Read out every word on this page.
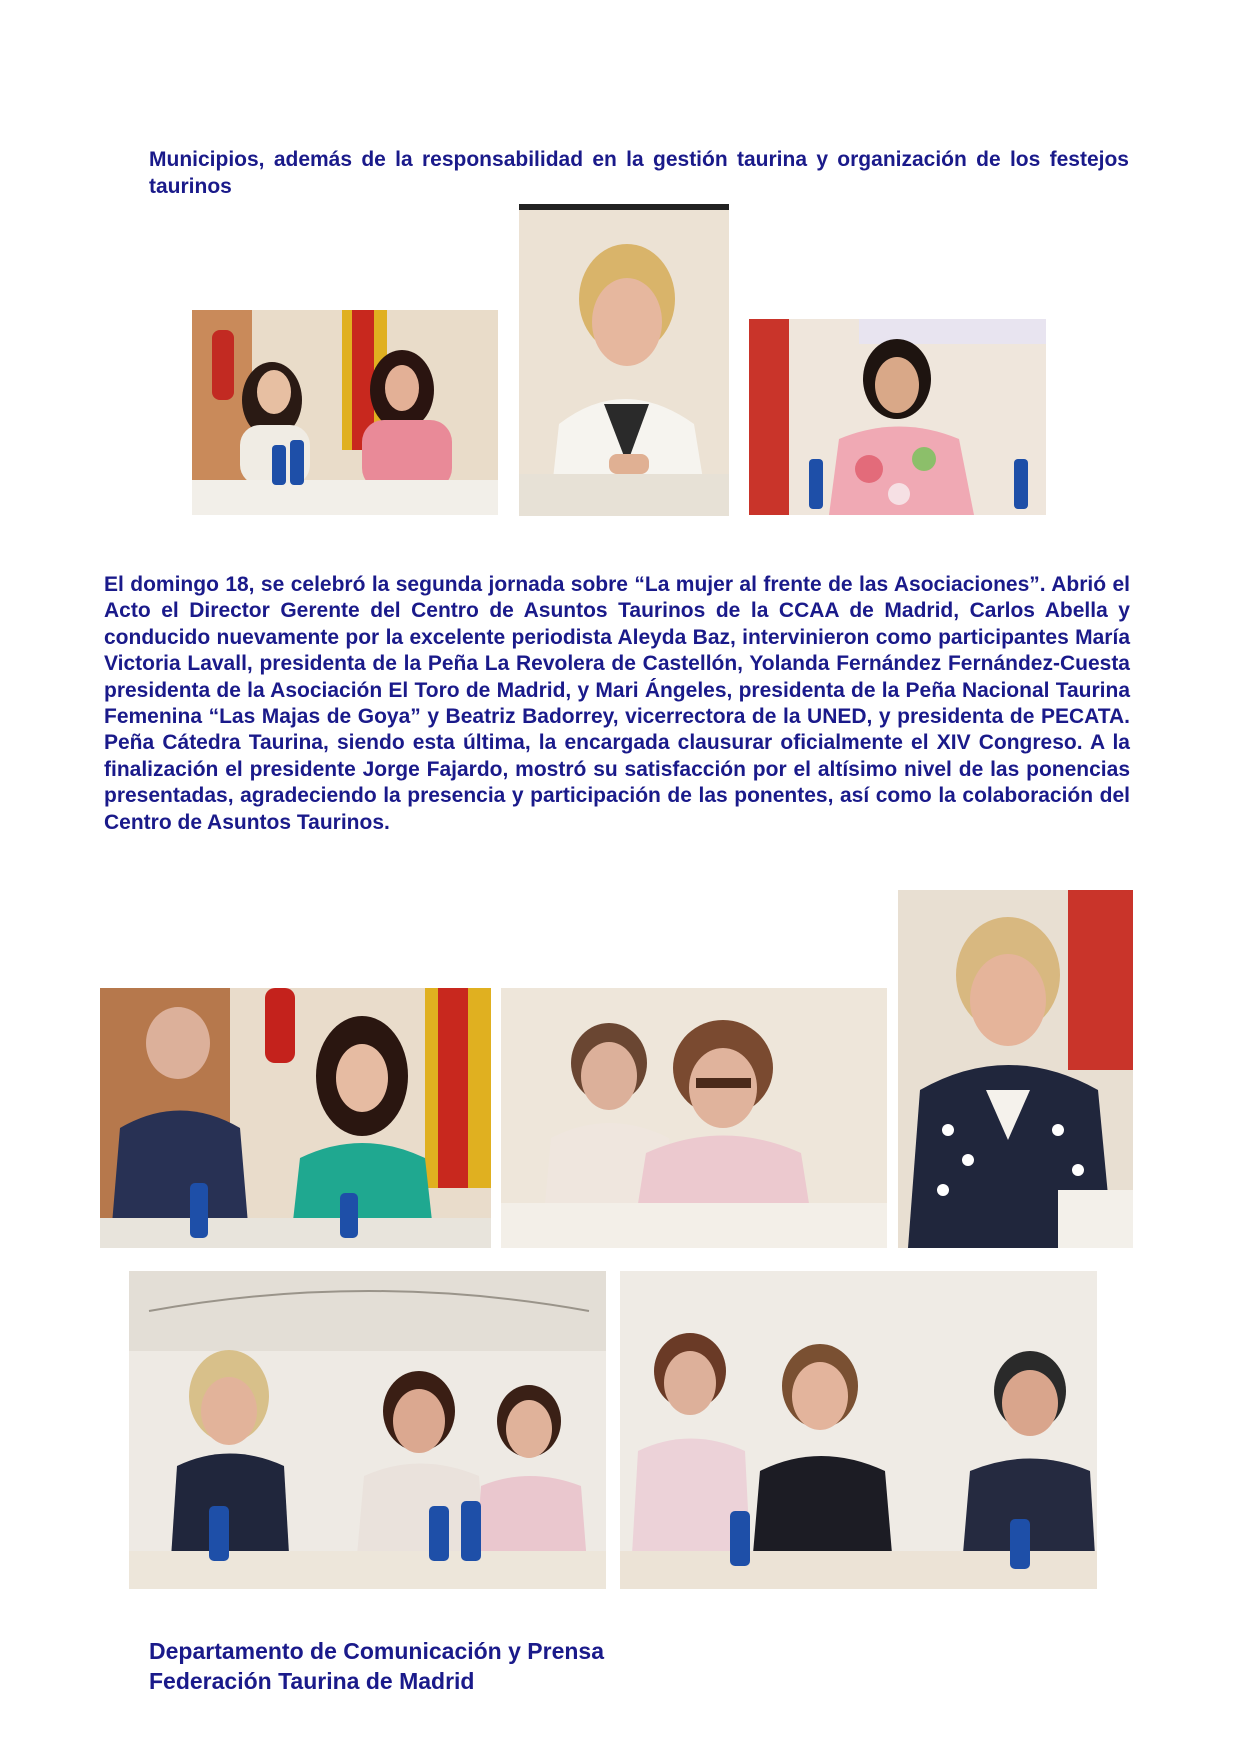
Municipios, además de la responsabilidad en la gestión taurina y organización de los festejos taurinos

El domingo 18, se celebró la segunda jornada sobre “La mujer al frente de las Asociaciones”. Abrió el Acto el Director Gerente del Centro de Asuntos Taurinos de la CCAA de Madrid, Carlos Abella y conducido nuevamente por la excelente periodista Aleyda Baz, intervinieron como participantes María Victoria Lavall, presidenta de la Peña La Revolera de Castellón, Yolanda Fernández Fernández-Cuesta presidenta de la Asociación El Toro de Madrid, y Mari Ángeles, presidenta de la Peña Nacional Taurina Femenina “Las Majas de Goya” y Beatriz Badorrey, vicerrectora de la UNED, y presidenta de PECATA. Peña Cátedra Taurina, siendo esta última, la encargada clausurar oficialmente el XIV Congreso. A la finalización el presidente Jorge Fajardo, mostró su satisfacción por el altísimo nivel de las ponencias presentadas, agradeciendo la presencia y participación de las ponentes, así como la colaboración del Centro de Asuntos Taurinos.

Departamento de Comunicación y Prensa
Federación Taurina de Madrid
